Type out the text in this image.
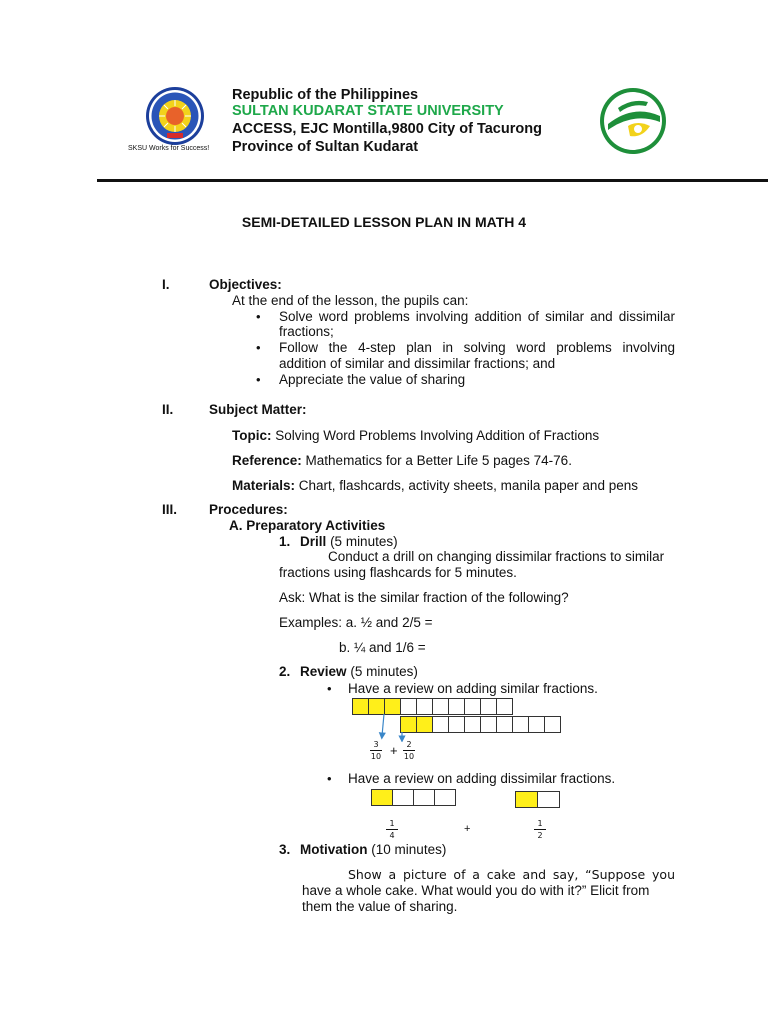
SKSU Works for Success!
Republic of the Philippines
SULTAN KUDARAT STATE UNIVERSITY
ACCESS, EJC Montilla,9800 City of Tacurong
Province of Sultan Kudarat
SEMI-DETAILED LESSON PLAN IN MATH 4
I.	Objectives:
At the end of the lesson, the pupils can:
• Solve word problems involving addition of similar and dissimilar
fractions;
• Follow the 4-step plan in solving word problems involving
addition of similar and dissimilar fractions; and
• Appreciate the value of sharing
II.	Subject Matter:
Topic: Solving Word Problems Involving Addition of Fractions
Reference: Mathematics for a Better Life 5 pages 74-76.
Materials: Chart, flashcards, activity sheets, manila paper and pens
III. Procedures:
A. Preparatory Activities
1. Drill (5 minutes)
Conduct a drill on changing dissimilar fractions to similar
fractions using flashcards for 5 minutes.
Ask: What is the similar fraction of the following?
Examples: a. ½ and 2/5 =
b. ¼ and 1/6 =
2. Review (5 minutes)
• Have a review on adding similar fractions.
3
10 +	2
10
• Have a review on adding dissimilar fractions.
1
4
+	1
2
3. Motivation (10 minutes)
Show a picture of a cake and say, “Suppose you
have a whole cake. What would you do with it?” Elicit from
them the value of sharing.
